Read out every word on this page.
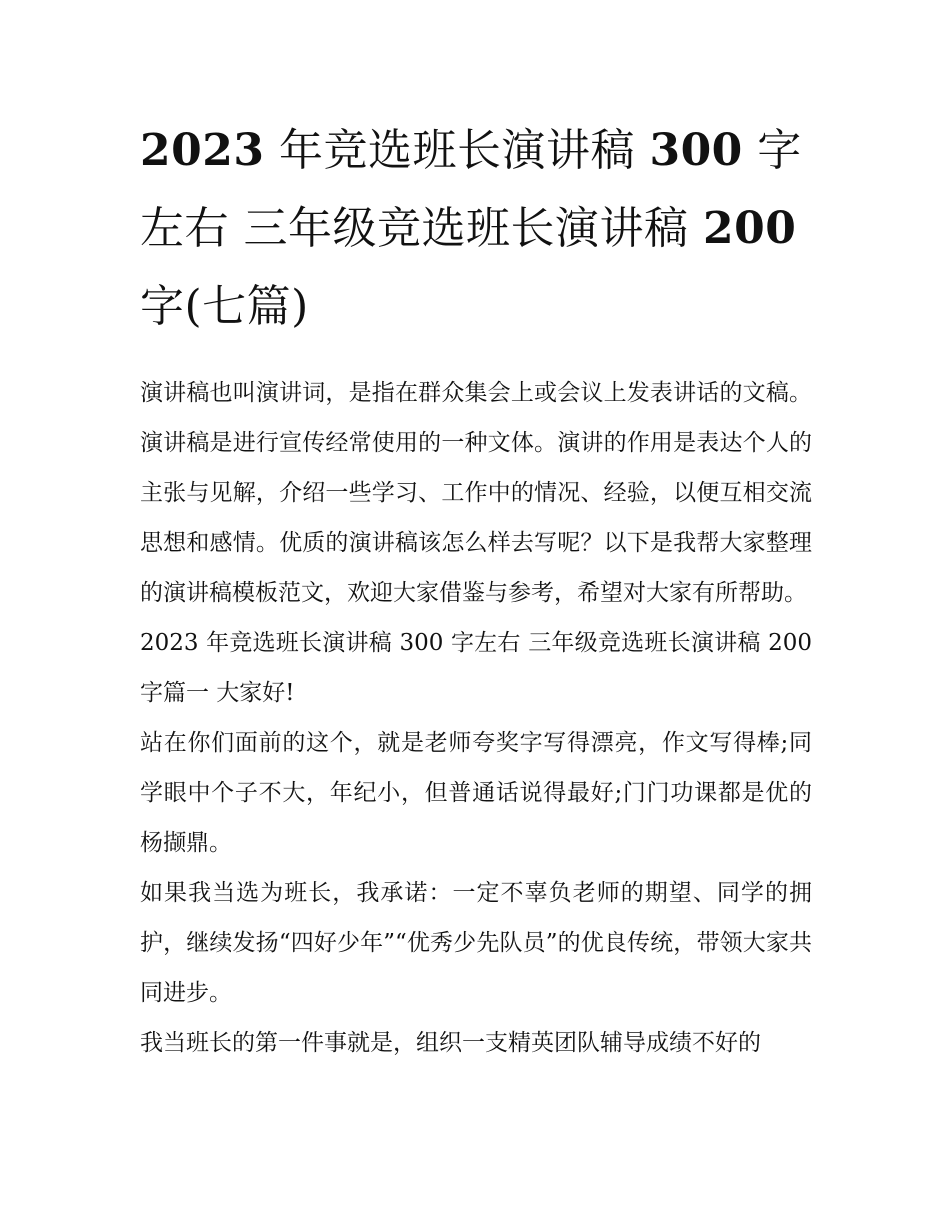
2023 年竞选班长演讲稿 300 字左右 三年级竞选班长演讲稿 200 字(七篇)

演讲稿也叫演讲词，是指在群众集会上或会议上发表讲话的文稿。演讲稿是进行宣传经常使用的一种文体。演讲的作用是表达个人的主张与见解，介绍一些学习、工作中的情况、经验，以便互相交流思想和感情。优质的演讲稿该怎么样去写呢？以下是我帮大家整理的演讲稿模板范文，欢迎大家借鉴与参考，希望对大家有所帮助。

2023 年竞选班长演讲稿 300 字左右 三年级竞选班长演讲稿 200 字篇一 大家好!

站在你们面前的这个，就是老师夸奖字写得漂亮，作文写得棒;同学眼中个子不大，年纪小，但普通话说得最好;门门功课都是优的杨撷鼎。

如果我当选为班长，我承诺：一定不辜负老师的期望、同学的拥护，继续发扬“四好少年”“优秀少先队员”的优良传统，带领大家共同进步。

我当班长的第一件事就是，组织一支精英团队辅导成绩不好的
